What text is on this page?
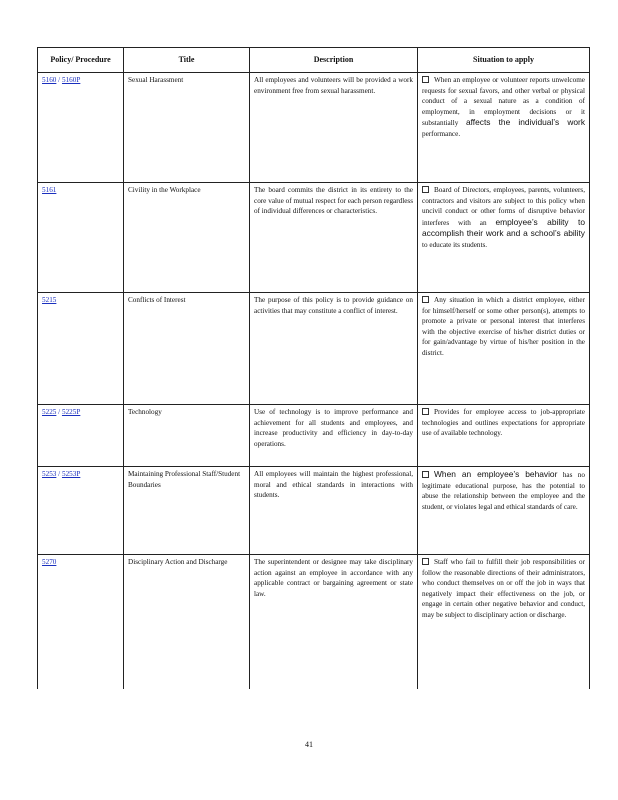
Policy/ Procedure	Title	Description	Situation to apply
5160 / 5160P	Sexual Harassment	All employees and volunteers will be provided a work environment free from sexual harassment.	When an employee or volunteer reports unwelcome requests for sexual favors, and other verbal or physical conduct of a sexual nature as a condition of employment, in employment decisions or it substantially affects the individual’s work performance.
5161	Civility in the Workplace	The board commits the district in its entirety to the core value of mutual respect for each person regardless of individual differences or characteristics.	Board of Directors, employees, parents, volunteers, contractors and visitors are subject to this policy when uncivil conduct or other forms of disruptive behavior interferes with an employee’s ability to accomplish their work and a school’s ability to educate its students.
5215	Conflicts of Interest	The purpose of this policy is to provide guidance on activities that may constitute a conflict of interest.	Any situation in which a district employee, either for himself/herself or some other person(s), attempts to promote a private or personal interest that interferes with the objective exercise of his/her district duties or for gain/advantage by virtue of his/her position in the district.
5225 / 5225P	Technology	Use of technology is to improve performance and achievement for all students and employees, and increase productivity and efficiency in day-to-day operations.	Provides for employee access to job-appropriate technologies and outlines expectations for appropriate use of available technology.
5253 / 5253P	Maintaining Professional Staff/Student Boundaries	All employees will maintain the highest professional, moral and ethical standards in interactions with students.	When an employee’s behavior has no legitimate educational purpose, has the potential to abuse the relationship between the employee and the student, or violates legal and ethical standards of care.
5270	Disciplinary Action and Discharge	The superintendent or designee may take disciplinary action against an employee in accordance with any applicable contract or bargaining agreement or state law.	Staff who fail to fulfill their job responsibilities or follow the reasonable directions of their administrators, who conduct themselves on or off the job in ways that negatively impact their effectiveness on the job, or engage in certain other negative behavior and conduct, may be subject to disciplinary action or discharge.
41
